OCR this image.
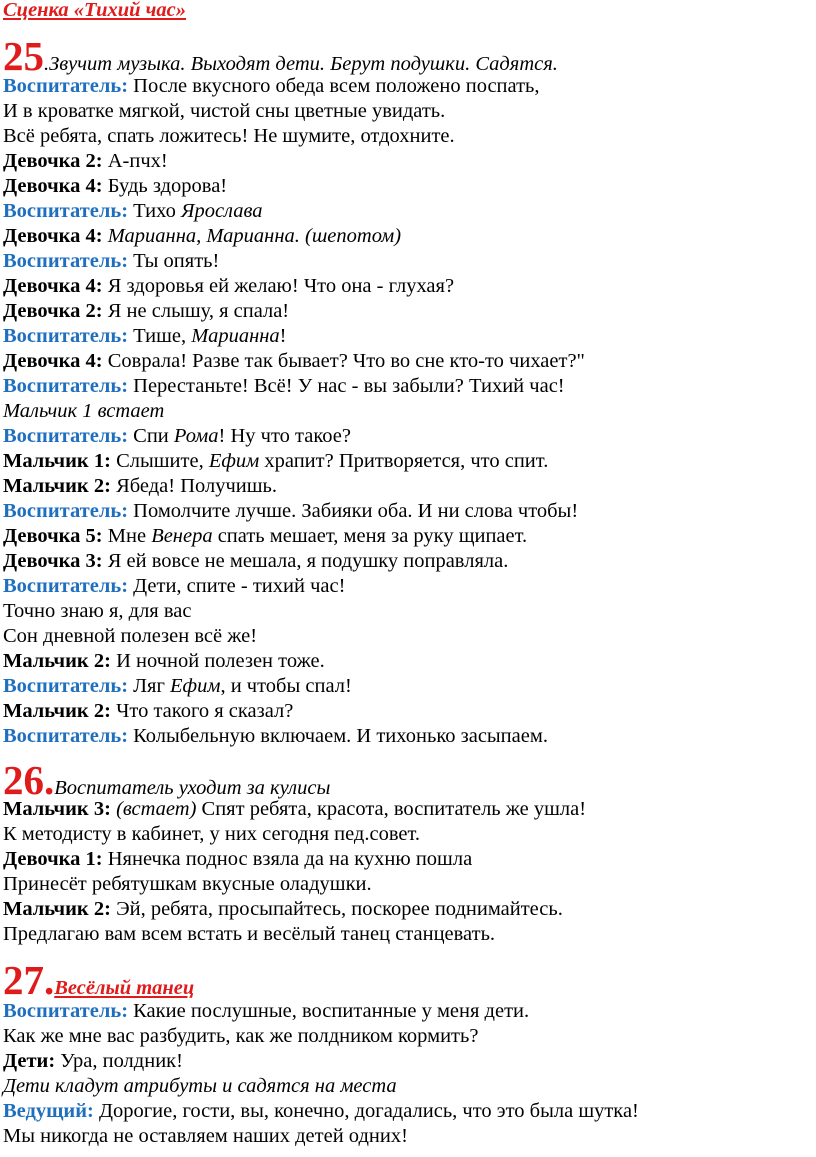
Сценка «Тихий час»
25.Звучит музыка. Выходят дети. Берут подушки. Садятся.
Воспитатель: После вкусного обеда всем положено поспать,
И в кроватке мягкой, чистой сны цветные увидать.
Всё ребята, спать ложитесь! Не шумите, отдохните.
Девочка 2: А-пчх!
Девочка 4: Будь здорова!
Воспитатель: Тихо Ярослава
Девочка 4: Марианна, Марианна. (шепотом)
Воспитатель: Ты опять!
Девочка 4: Я здоровья ей желаю! Что она - глухая?
Девочка 2: Я не слышу, я спала!
Воспитатель: Тише, Марианна!
Девочка 4: Соврала! Разве так бывает? Что во сне кто-то чихает?"
Воспитатель: Перестаньте! Всё! У нас - вы забыли? Тихий час!
Мальчик 1 встает
Воспитатель: Спи Рома! Ну что такое?
Мальчик 1: Слышите, Ефим храпит? Притворяется, что спит.
Мальчик 2: Ябеда! Получишь.
Воспитатель: Помолчите лучше. Забияки оба. И ни слова чтобы!
Девочка 5: Мне Венера спать мешает, меня за руку щипает.
Девочка 3: Я ей вовсе не мешала, я подушку поправляла.
Воспитатель: Дети, спите - тихий час!
Точно знаю я, для вас
Сон дневной полезен всё же!
Мальчик 2: И ночной полезен тоже.
Воспитатель: Ляг Ефим, и чтобы спал!
Мальчик 2: Что такого я сказал?
Воспитатель: Колыбельную включаем. И тихонько засыпаем.
26.Воспитатель уходит за кулисы
Мальчик 3: (встает) Спят ребята, красота, воспитатель же ушла!
К методисту в кабинет, у них сегодня пед.совет.
Девочка 1: Нянечка поднос взяла да на кухню пошла
Принесёт ребятушкам вкусные оладушки.
Мальчик 2: Эй, ребята, просыпайтесь, поскорее поднимайтесь.
Предлагаю вам всем встать и весёлый танец станцевать.
27.Весёлый танец
Воспитатель: Какие послушные, воспитанные у меня дети.
Как же мне вас разбудить, как же полдником кормить?
Дети: Ура, полдник!
Дети кладут атрибуты и садятся на места
Ведущий: Дорогие, гости, вы, конечно, догадались, что это была шутка!
Мы никогда не оставляем наших детей одних!
